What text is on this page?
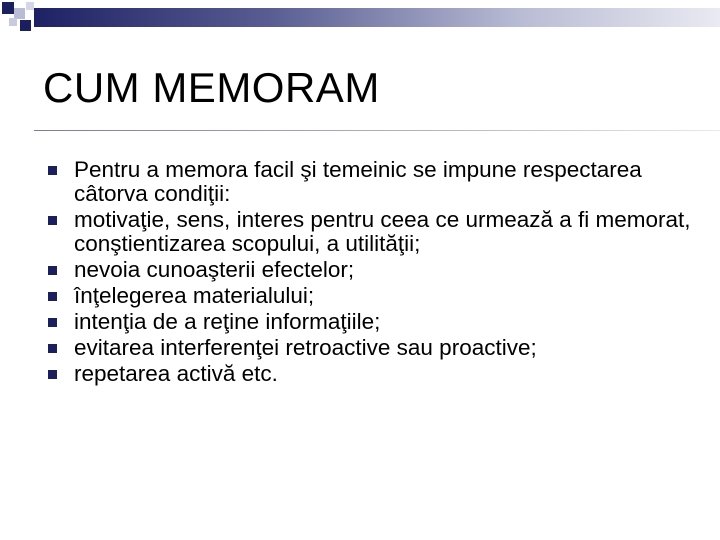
CUM MEMORAM
Pentru a memora facil şi temeinic se impune respectarea câtorva condiţii:
motivaţie, sens, interes pentru ceea ce urmează a fi memorat, conştientizarea scopului, a utilităţii;
nevoia cunoaşterii efectelor;
înţelegerea materialului;
intenţia de a reţine informaţiile;
evitarea interferenţei retroactive sau proactive;
repetarea activă etc.
